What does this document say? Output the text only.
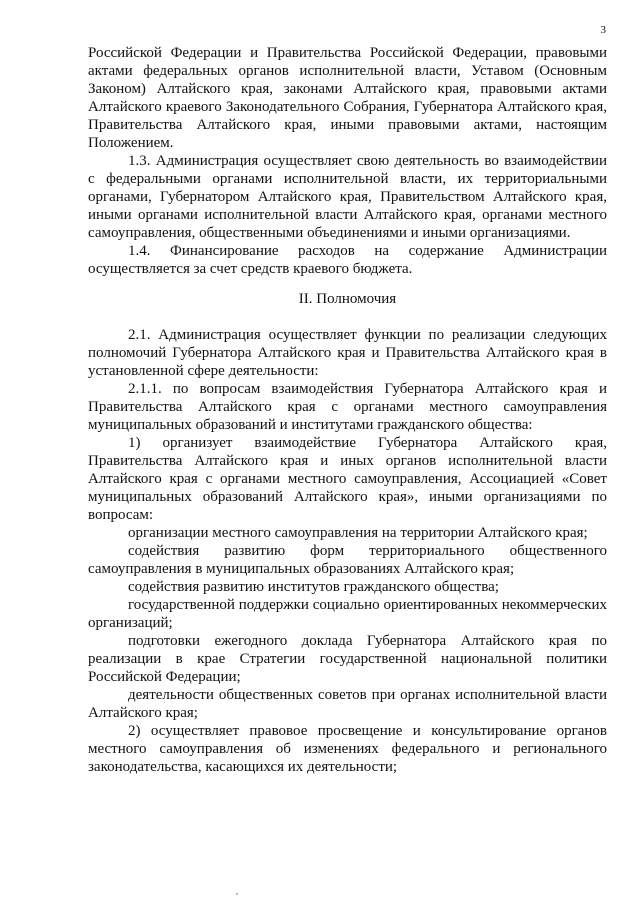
3

Российской Федерации и Правительства Российской Федерации, правовыми актами федеральных органов исполнительной власти, Уставом (Основным Законом) Алтайского края, законами Алтайского края, правовыми актами Алтайского краевого Законодательного Собрания, Губернатора Алтайского края, Правительства Алтайского края, иными правовыми актами, настоящим Положением.

1.3. Администрация осуществляет свою деятельность во взаимодействии с федеральными органами исполнительной власти, их территориальными органами, Губернатором Алтайского края, Правительством Алтайского края, иными органами исполнительной власти Алтайского края, органами местного самоуправления, общественными объединениями и иными организациями.

1.4. Финансирование расходов на содержание Администрации осуществляется за счет средств краевого бюджета.

II. Полномочия

2.1. Администрация осуществляет функции по реализации следующих полномочий Губернатора Алтайского края и Правительства Алтайского края в установленной сфере деятельности:

2.1.1. по вопросам взаимодействия Губернатора Алтайского края и Правительства Алтайского края с органами местного самоуправления муниципальных образований и институтами гражданского общества:

1) организует взаимодействие Губернатора Алтайского края, Правительства Алтайского края и иных органов исполнительной власти Алтайского края с органами местного самоуправления, Ассоциацией «Совет муниципальных образований Алтайского края», иными организациями по вопросам:

организации местного самоуправления на территории Алтайского края;

содействия развитию форм территориального общественного самоуправления в муниципальных образованиях Алтайского края;

содействия развитию институтов гражданского общества;

государственной поддержки социально ориентированных некоммерческих организаций;

подготовки ежегодного доклада Губернатора Алтайского края по реализации в крае Стратегии государственной национальной политики Российской Федерации;

деятельности общественных советов при органах исполнительной власти Алтайского края;

2) осуществляет правовое просвещение и консультирование органов местного самоуправления об изменениях федерального и регионального законодательства, касающихся их деятельности;
